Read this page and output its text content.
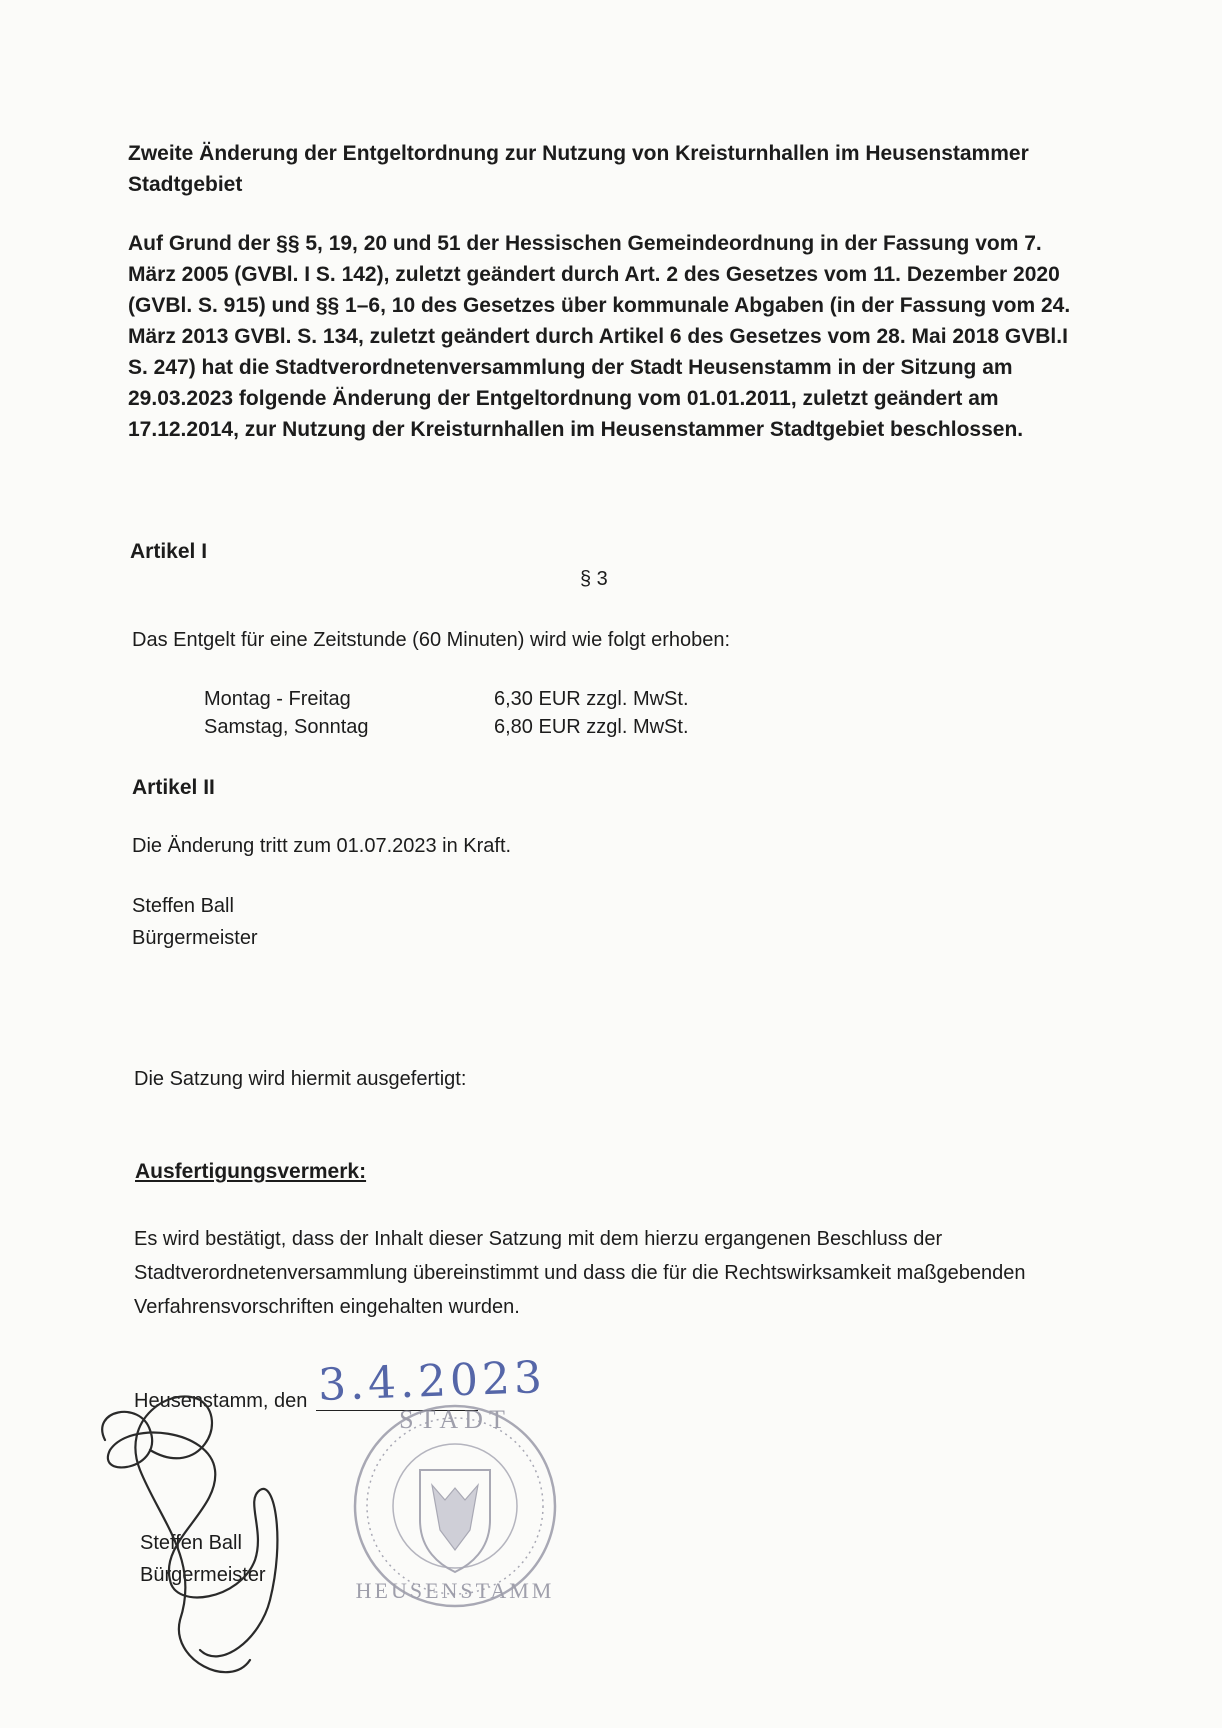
Zweite Änderung der Entgeltordnung zur Nutzung von Kreisturnhallen im Heusenstammer Stadtgebiet
Auf Grund der §§ 5, 19, 20 und 51 der Hessischen Gemeindeordnung in der Fassung vom 7. März 2005 (GVBl. I S. 142), zuletzt geändert durch Art. 2 des Gesetzes vom 11. Dezember 2020 (GVBl. S. 915) und §§ 1–6, 10 des Gesetzes über kommunale Abgaben (in der Fassung vom 24. März 2013 GVBl. S. 134, zuletzt geändert durch Artikel 6 des Gesetzes vom 28. Mai 2018 GVBl.I S. 247) hat die Stadtverordnetenversammlung der Stadt Heusenstamm in der Sitzung am 29.03.2023 folgende Änderung der Entgeltordnung vom 01.01.2011, zuletzt geändert am 17.12.2014, zur Nutzung der Kreisturnhallen im Heusenstammer Stadtgebiet beschlossen.
Artikel I
§ 3
Das Entgelt für eine Zeitstunde (60 Minuten) wird wie folgt erhoben:
Montag - Freitag	6,30 EUR zzgl. MwSt.
Samstag, Sonntag	6,80 EUR zzgl. MwSt.
Artikel II
Die Änderung tritt zum 01.07.2023 in Kraft.
Steffen Ball
Bürgermeister
Die Satzung wird hiermit ausgefertigt:
Ausfertigungsvermerk:
Es wird bestätigt, dass der Inhalt dieser Satzung mit dem hierzu ergangenen Beschluss der Stadtverordnetenversammlung übereinstimmt und dass die für die Rechtswirksamkeit maßgebenden Verfahrensvorschriften eingehalten wurden.
Heusenstamm, den 3.4.2023
Steffen Ball
Bürgermeister
STADT
HEUSENSTAMM
